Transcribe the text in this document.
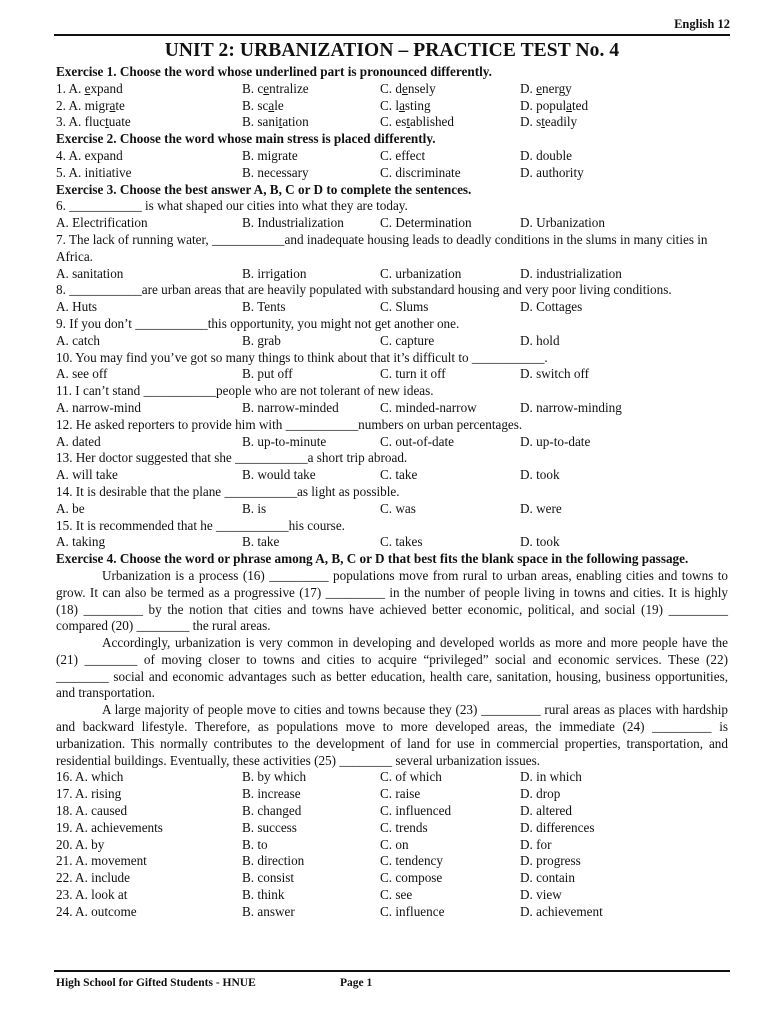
English 12
UNIT 2: URBANIZATION – PRACTICE TEST No. 4
Exercise 1. Choose the word whose underlined part is pronounced differently.
1. A. expand	B. centralize	C. densely	D. energy
2. A. migrate	B. scale	C. lasting	D. populated
3. A. fluctuate	B. sanitation	C. established	D. steadily
Exercise 2. Choose the word whose main stress is placed differently.
4. A. expand	B. migrate	C. effect	D. double
5. A. initiative	B. necessary	C. discriminate	D. authority
Exercise 3. Choose the best answer A, B, C or D to complete the sentences.
6. ___________ is what shaped our cities into what they are today.
A. Electrification	B. Industrialization	C. Determination	D. Urbanization
7. The lack of running water, ___________and inadequate housing leads to deadly conditions in the slums in many cities in Africa.
A. sanitation	B. irrigation	C. urbanization	D. industrialization
8. ___________are urban areas that are heavily populated with substandard housing and very poor living conditions.
A. Huts	B. Tents	C. Slums	D. Cottages
9. If you don’t ___________this opportunity, you might not get another one.
A. catch	B. grab	C. capture	D. hold
10. You may find you’ve got so many things to think about that it’s difficult to ___________.
A. see off	B. put off	C. turn it off	D. switch off
11. I can’t stand ___________people who are not tolerant of new ideas.
A. narrow-mind	B. narrow-minded	C. minded-narrow	D. narrow-minding
12. He asked reporters to provide him with ___________numbers on urban percentages.
A. dated	B. up-to-minute	C. out-of-date	D. up-to-date
13. Her doctor suggested that she ___________a short trip abroad.
A. will take	B. would take	C. take	D. took
14. It is desirable that the plane ___________as light as possible.
A. be	B. is	C. was	D. were
15. It is recommended that he ___________his course.
A. taking	B. take	C. takes	D. took
Exercise 4. Choose the word or phrase among A, B, C or D that best fits the blank space in the following passage.

Urbanization is a process (16) _________ populations move from rural to urban areas, enabling cities and towns to grow. It can also be termed as a progressive (17) _________ in the number of people living in towns and cities. It is highly (18) _________ by the notion that cities and towns have achieved better economic, political, and social (19) _________ compared (20) ________ the rural areas.

Accordingly, urbanization is very common in developing and developed worlds as more and more people have the (21) ________ of moving closer to towns and cities to acquire “privileged” social and economic services. These (22) ________ social and economic advantages such as better education, health care, sanitation, housing, business opportunities, and transportation.

A large majority of people move to cities and towns because they (23) _________ rural areas as places with hardship and backward lifestyle. Therefore, as populations move to more developed areas, the immediate (24) _________ is urbanization. This normally contributes to the development of land for use in commercial properties, transportation, and residential buildings. Eventually, these activities (25) ________ several urbanization issues.

16. A. which	B. by which	C. of which	D. in which
17. A. rising	B. increase	C. raise	D. drop
18. A. caused	B. changed	C. influenced	D. altered
19. A. achievements	B. success	C. trends	D. differences
20. A. by	B. to	C. on	D. for
21. A. movement	B. direction	C. tendency	D. progress
22. A. include	B. consist	C. compose	D. contain
23. A. look at	B. think	C. see	D. view
24. A. outcome	B. answer	C. influence	D. achievement
High School for Gifted Students - HNUE	Page 1
